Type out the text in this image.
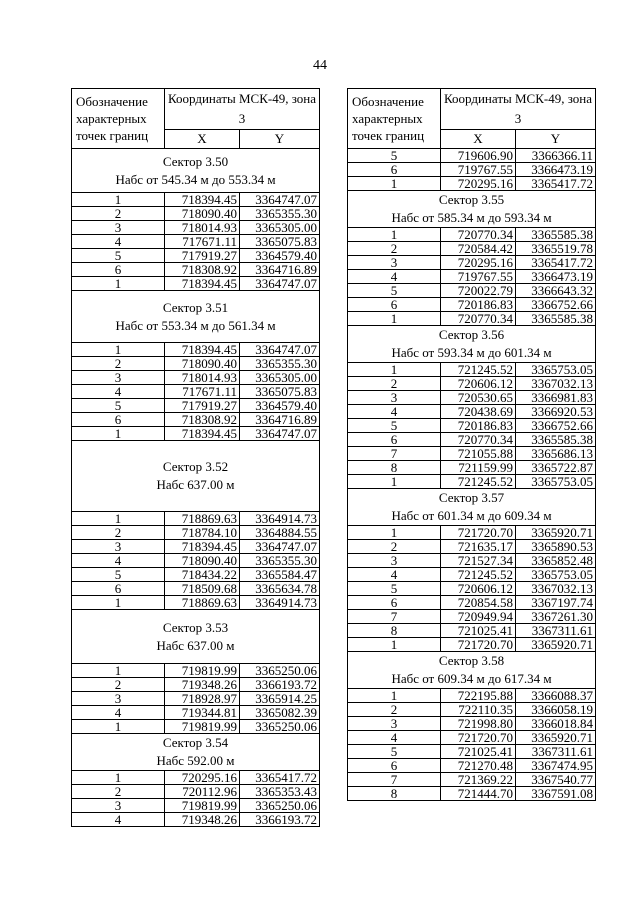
44
Обозначение характерных точек границ	Координаты МСК-49, зона 3	
	X	Y

Сектор 3.50
Набс от 545.34 м до 553.34 м		

1	718394.45	3364747.07
2	718090.40	3365355.30
3	718014.93	3365305.00
4	717671.11	3365075.83
5	717919.27	3364579.40
6	718308.92	3364716.89
1	718394.45	3364747.07

Сектор 3.51
Набс от 553.34 м до 561.34 м		

1	718394.45	3364747.07
2	718090.40	3365355.30
3	718014.93	3365305.00
4	717671.11	3365075.83
5	717919.27	3364579.40
6	718308.92	3364716.89
1	718394.45	3364747.07

Сектор 3.52
Набс 637.00 м		

1	718869.63	3364914.73
2	718784.10	3364884.55
3	718394.45	3364747.07
4	718090.40	3365355.30
5	718434.22	3365584.47
6	718509.68	3365634.78
1	718869.63	3364914.73

Сектор 3.53
Набс 637.00 м		

1	719819.99	3365250.06
2	719348.26	3366193.72
3	718928.97	3365914.25
4	719344.81	3365082.39
1	719819.99	3365250.06

Сектор 3.54
Набс 592.00 м		

1	720295.16	3365417.72
2	720112.96	3365353.43
3	719819.99	3365250.06
4	719348.26	3366193.72
Обозначение характерных точек границ	Координаты МСК-49, зона 3	
	X	Y
5	719606.90	3366366.11
6	719767.55	3366473.19
1	720295.16	3365417.72

Сектор 3.55
Набс от 585.34 м до 593.34 м		

1	720770.34	3365585.38
2	720584.42	3365519.78
3	720295.16	3365417.72
4	719767.55	3366473.19
5	720022.79	3366643.32
6	720186.83	3366752.66
1	720770.34	3365585.38

Сектор 3.56
Набс от 593.34 м до 601.34 м		

1	721245.52	3365753.05
2	720606.12	3367032.13
3	720530.65	3366981.83
4	720438.69	3366920.53
5	720186.83	3366752.66
6	720770.34	3365585.38
7	721055.88	3365686.13
8	721159.99	3365722.87
1	721245.52	3365753.05

Сектор 3.57
Набс от 601.34 м до 609.34 м		

1	721720.70	3365920.71
2	721635.17	3365890.53
3	721527.34	3365852.48
4	721245.52	3365753.05
5	720606.12	3367032.13
6	720854.58	3367197.74
7	720949.94	3367261.30
8	721025.41	3367311.61
1	721720.70	3365920.71

Сектор 3.58
Набс от 609.34 м до 617.34 м		

1	722195.88	3366088.37
2	722110.35	3366058.19
3	721998.80	3366018.84
4	721720.70	3365920.71
5	721025.41	3367311.61
6	721270.48	3367474.95
7	721369.22	3367540.77
8	721444.70	3367591.08
